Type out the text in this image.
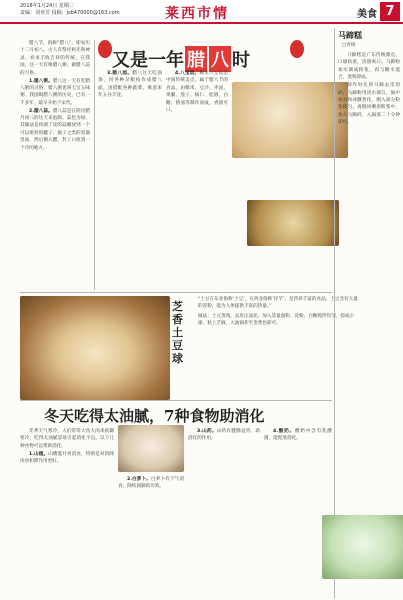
2018年1月24日 星期三
责编：刘亚芳 投稿：jsb470000@163.com	莱西市情	美食 7
又是一年 腊 八 时

腊八节，俗称“腊八”，即农历十二月初八。古人有祭祀祖先和神灵、祈求丰收吉祥的传统。在我国，这一天有喝腊八粥、做腊八蒜的习俗。

1.腊八粥。腊八这一天有吃腊八粥的习俗，腊八粥也叫七宝五味粥。我国喝腊八粥的历史，已有一千多年，最早开始于宋代。

2.腊八蒜。腊八蒜是在阴历腊月初八的这天来泡制。蒜色为绿，其做法是将剥了皮的蒜瓣放到一个可以密封的罐子、瓶子之类的容器里面，然后倒入醋，封上口放到一个冷的地方。

3.腊八面。腊八这天吃面条，用各种杂粮按作成腊八面，再搭配各种蔬菜，寓意来年五谷丰登。

4.八宝饭。糯米八宝饭是中国传统美点，属于腊八节的食品。由糯米、豆沙、枣泥、果脯、莲子、核仁、桂圆、白糖、猪油等制作而成，香甜可口。

马蹄糕
□青梅

马蹄糕是广东传统甜点，口感软滑，清甜爽口。马蹄粉加水调成粉浆，再与糖水混合，蒸熟即成。

制作时先将马蹄去皮切碎，马蹄粉用清水调匀，锅中加水和冰糖煮化，倒入部分粉浆搅匀，再倒回剩余粉浆中，加入马蹄碎，入锅蒸二十分钟即可。

芝香土豆球

“土豆在东北俗称‘土豆’，在西北俗称‘洋芋’，是营养丰富的食品。土豆含有大量的淀粉，能为人体提供丰富的热量。”

做法：土豆蒸熟，去皮压成泥，加入适量面粉、淀粉、白糖搅拌均匀，搓成小球，粘上芝麻，入油锅炸至金黄色即可。

冬天吃得太油腻，7种食物助消化

冬季天气寒冷，人们常常大鱼大肉来抵御寒冷，吃得太油腻容易引起消化不良。以下几种食物可以帮助消化。

1.山楂。山楂能开胃消食，特别是对消除肉食积滞作用更好。

2.白萝卜。白萝卜有下气消食、除疾润肺的功效。

3.山药。山药有健脾益胃、助消化的作用。

4.酸奶。酸奶中含有乳酸菌，能促进消化。
